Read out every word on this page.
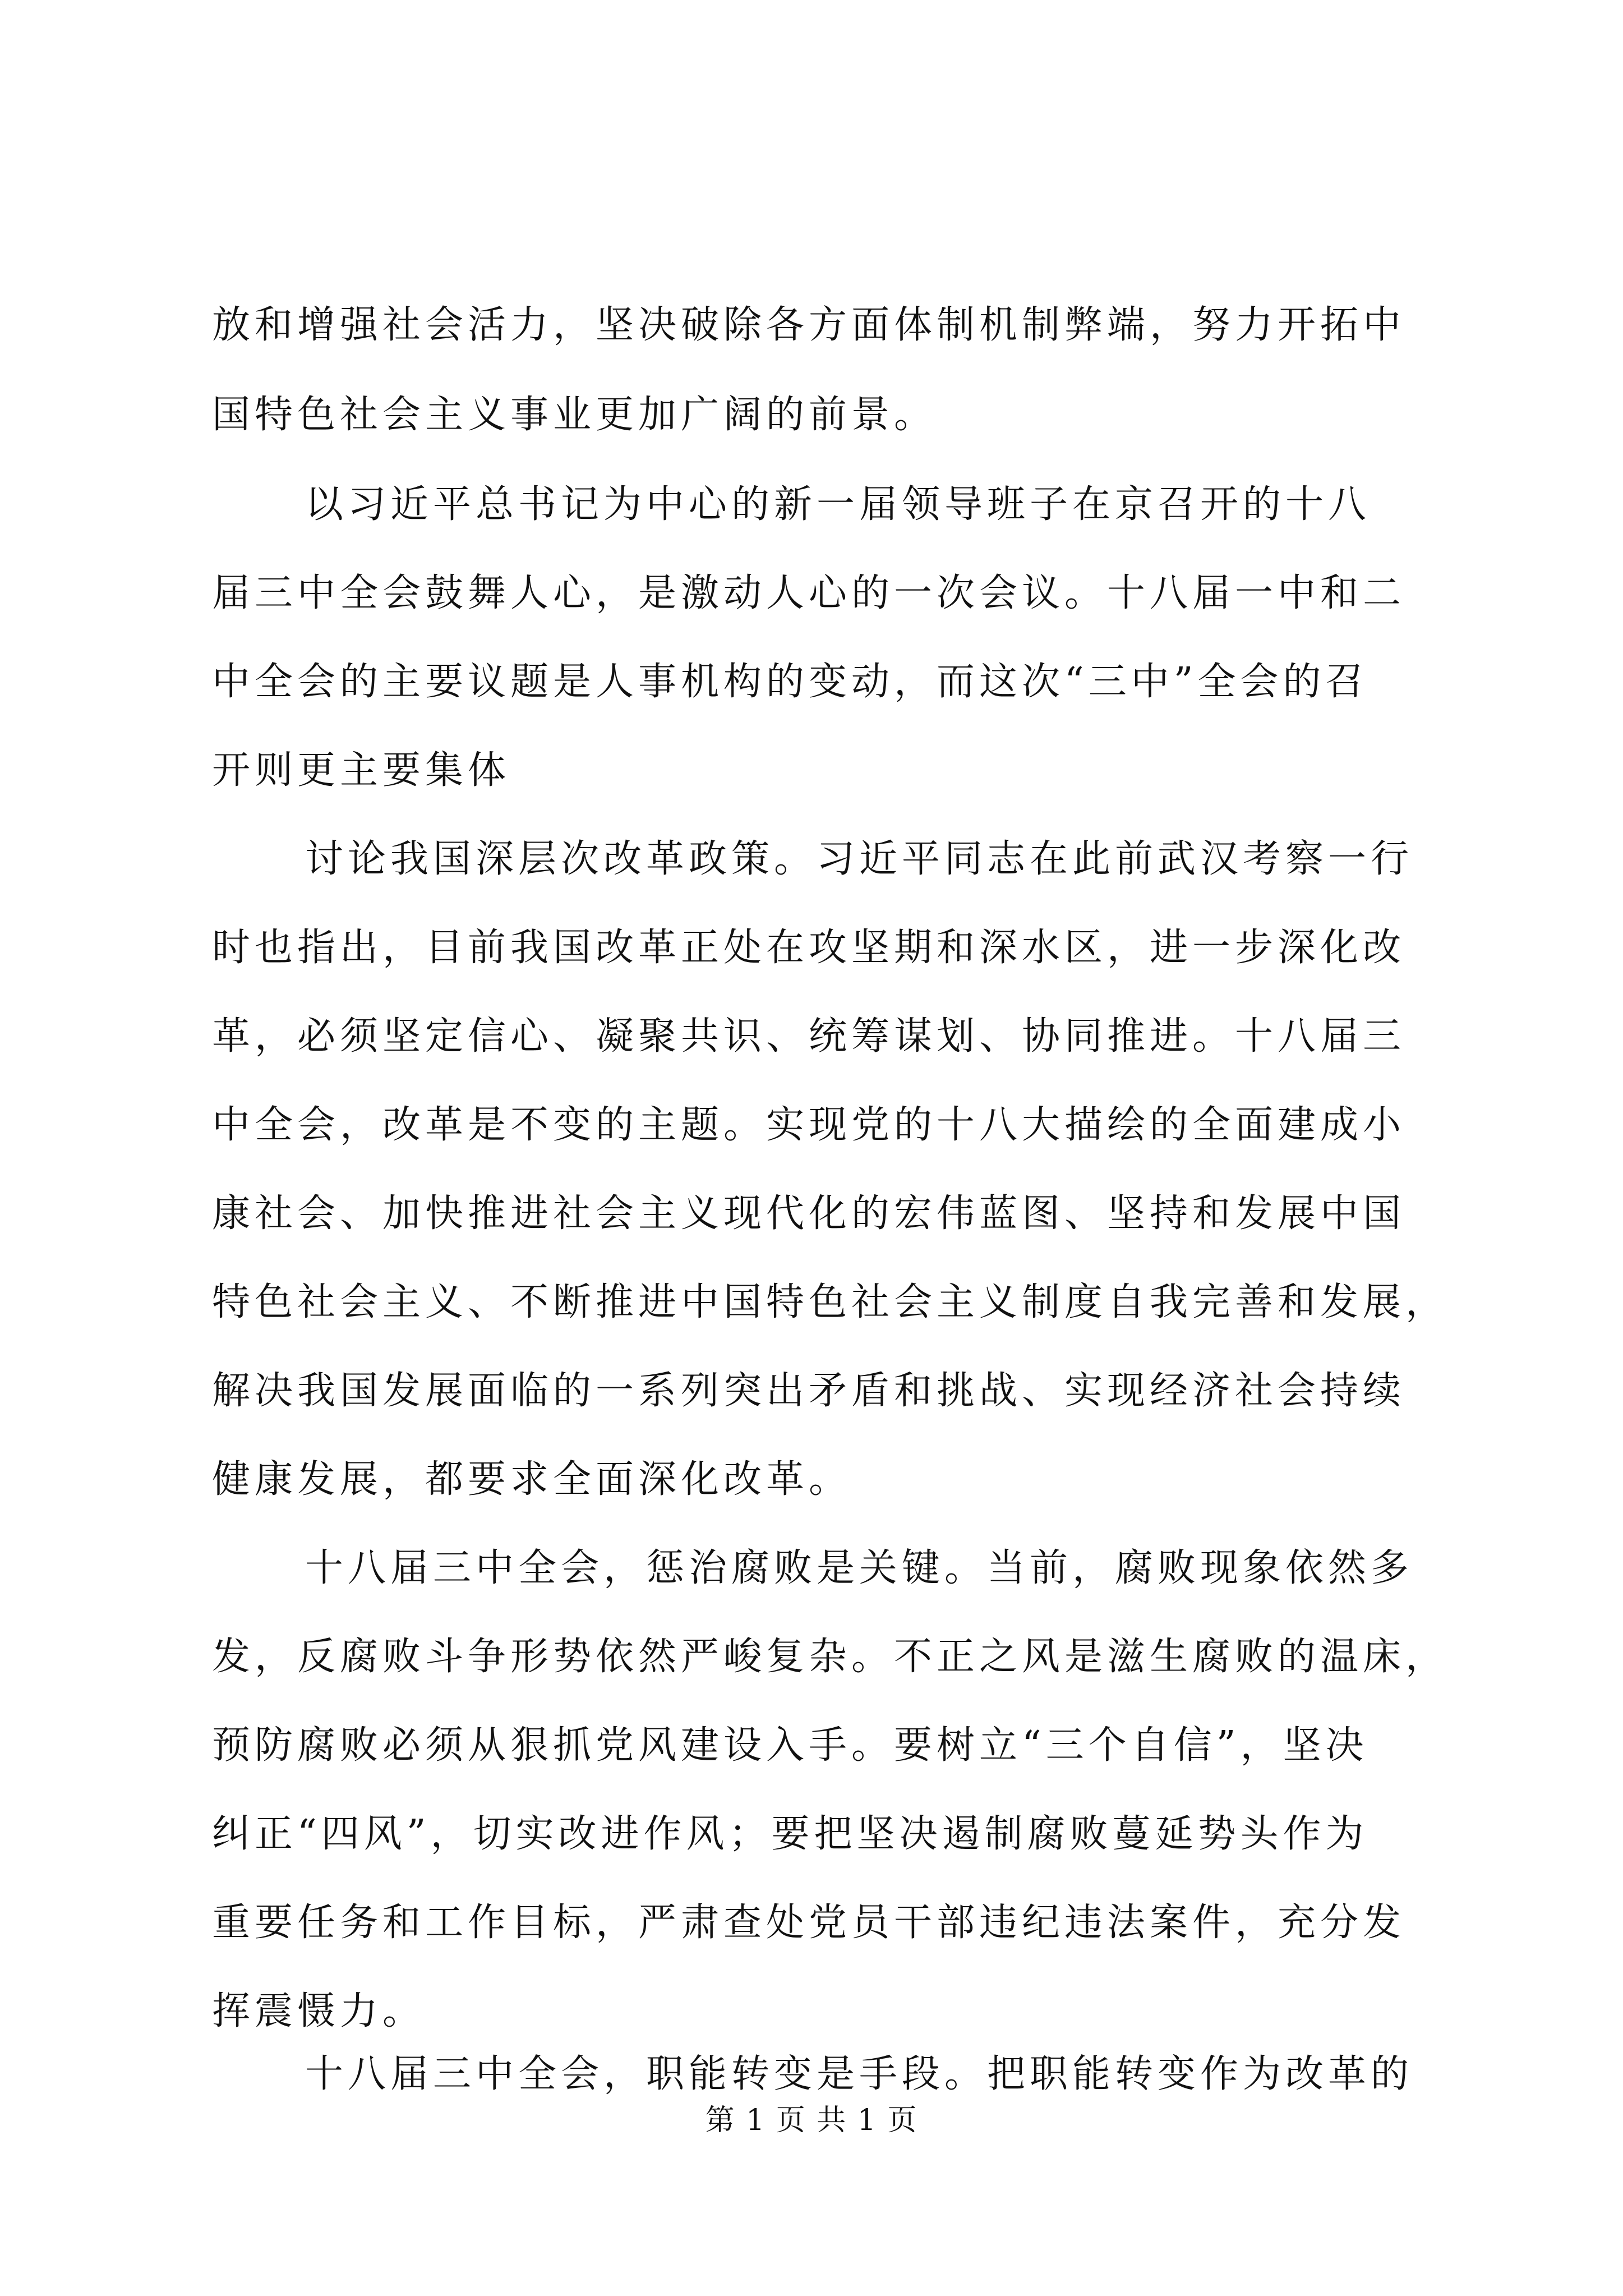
放和增强社会活力，坚决破除各方面体制机制弊端，努力开拓中

国特色社会主义事业更加广阔的前景。

以习近平总书记为中心的新一届领导班子在京召开的十八

届三中全会鼓舞人心，是激动人心的一次会议。十八届一中和二

中全会的主要议题是人事机构的变动，而这次“三中”全会的召

开则更主要集体

讨论我国深层次改革政策。习近平同志在此前武汉考察一行

时也指出，目前我国改革正处在攻坚期和深水区，进一步深化改

革，必须坚定信心、凝聚共识、统筹谋划、协同推进。十八届三

中全会，改革是不变的主题。实现党的十八大描绘的全面建成小

康社会、加快推进社会主义现代化的宏伟蓝图、坚持和发展中国

特色社会主义、不断推进中国特色社会主义制度自我完善和发展，

解决我国发展面临的一系列突出矛盾和挑战、实现经济社会持续

健康发展，都要求全面深化改革。

十八届三中全会，惩治腐败是关键。当前，腐败现象依然多

发，反腐败斗争形势依然严峻复杂。不正之风是滋生腐败的温床，

预防腐败必须从狠抓党风建设入手。要树立“三个自信”，坚决

纠正“四风”，切实改进作风；要把坚决遏制腐败蔓延势头作为

重要任务和工作目标，严肃查处党员干部违纪违法案件，充分发

挥震慑力。

十八届三中全会，职能转变是手段。把职能转变作为改革的

第 1 页 共 1 页
